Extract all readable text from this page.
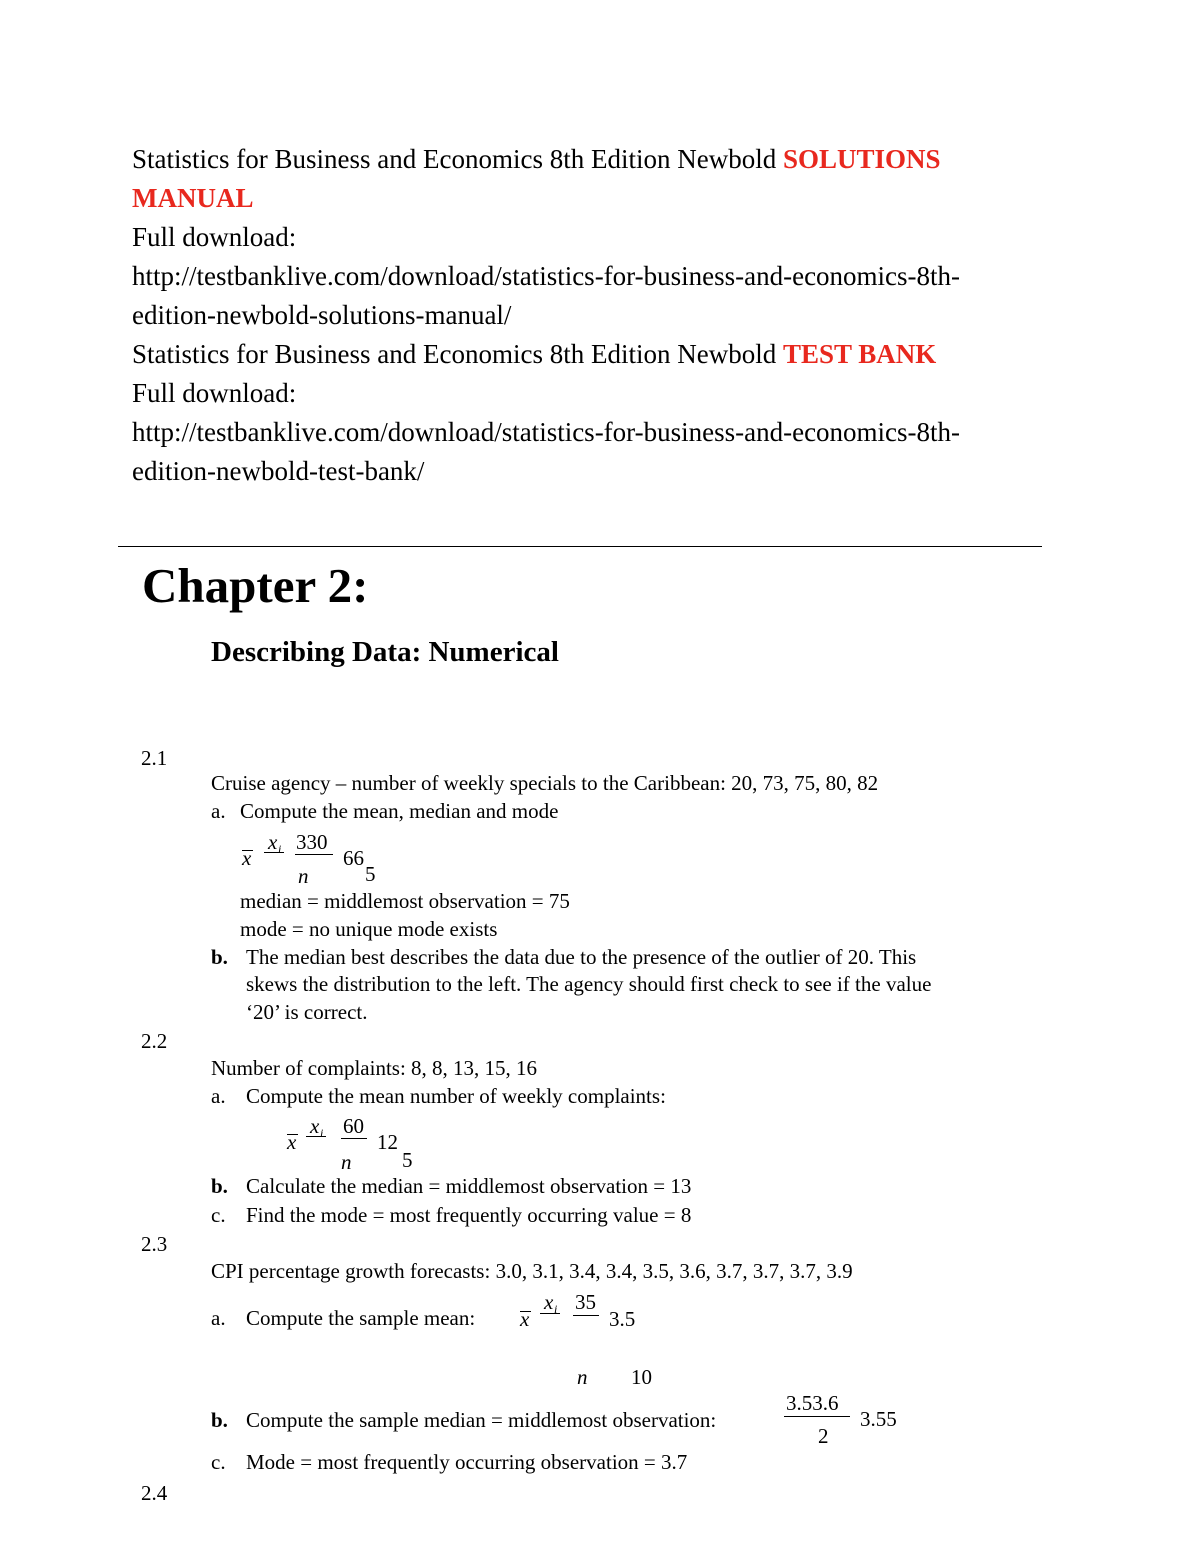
Statistics for Business and Economics 8th Edition Newbold SOLUTIONS
MANUAL
Full download:
http://testbanklive.com/download/statistics-for-business-and-economics-8th-
edition-newbold-solutions-manual/
Statistics for Business and Economics 8th Edition Newbold TEST BANK
Full download:
http://testbanklive.com/download/statistics-for-business-and-economics-8th-
edition-newbold-test-bank/
Chapter 2:
Describing Data: Numerical
2.1
Cruise agency – number of weekly specials to the Caribbean: 20, 73, 75, 80, 82
a. Compute the mean, median and mode
x
x i 330
n
66
5
median = middlemost observation = 75
mode = no unique mode exists
b. The median best describes the data due to the presence of the outlier of 20. This
skews the distribution to the left. The agency should first check to see if the value
‘20’ is correct.
2.2
Number of complaints: 8, 8, 13, 15, 16
a. Compute the mean number of weekly complaints:
x
x i 60
n
12
5
b. Calculate the median = middlemost observation = 13
c. Find the mode = most frequently occurring value = 8
2.3
CPI percentage growth forecasts: 3.0, 3.1, 3.4, 3.4, 3.5, 3.6, 3.7, 3.7, 3.7, 3.9
a. Compute the sample mean: x
x i 35
3.5
n 10
b. Compute the sample median = middlemost observation:
3.53.6
2
3.55
c. Mode = most frequently occurring observation = 3.7
2.4
